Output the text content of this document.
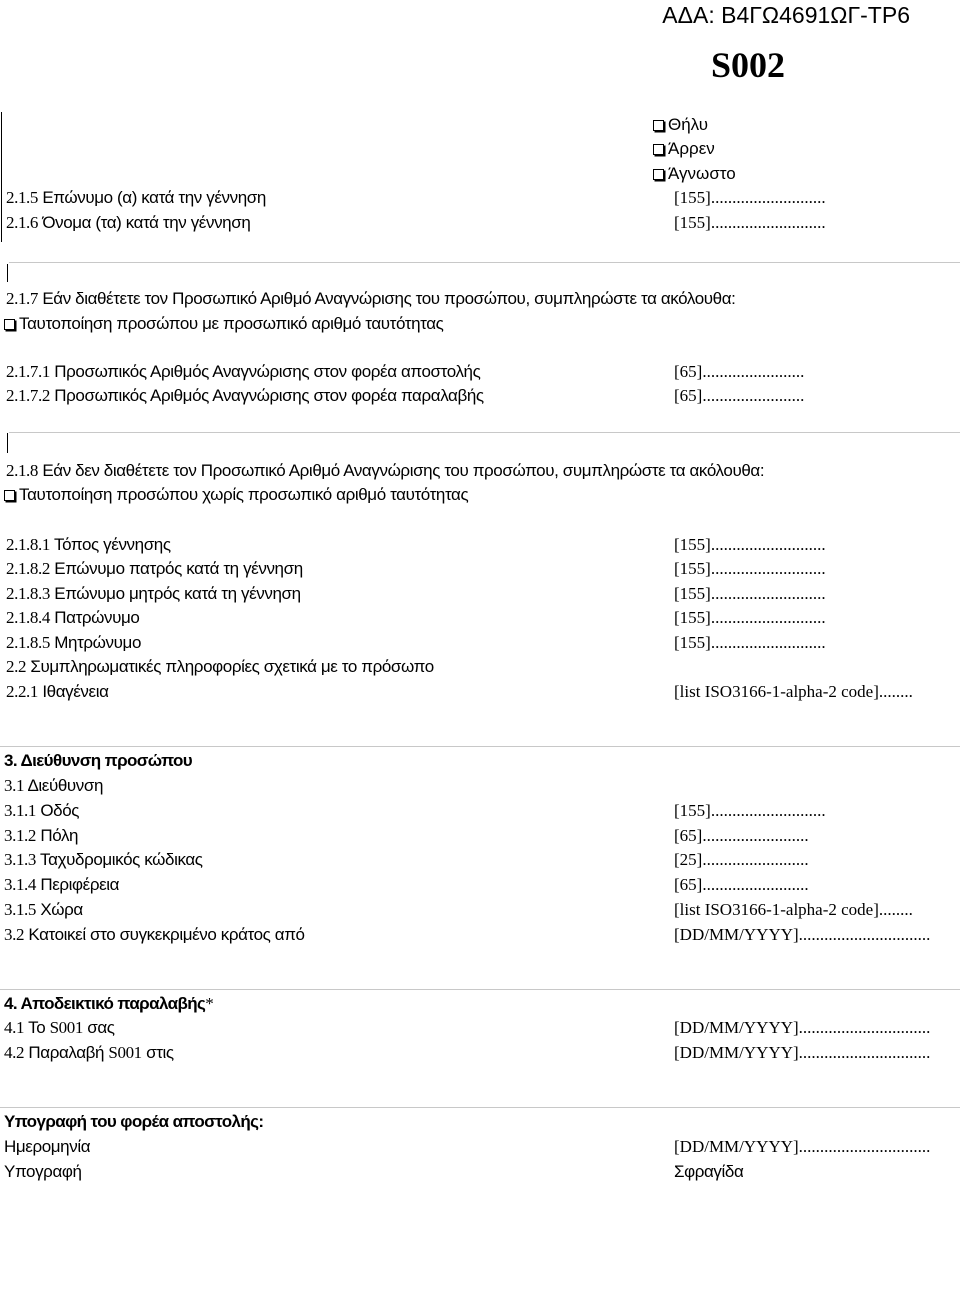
ΑΔΑ: Β4ΓΩ4691ΩΓ-ΤΡ6
S002
Θήλυ
Άρρεν
Άγνωστο
2.1.5 Επώνυμο (α) κατά την γέννηση	[155]...........................
2.1.6 Όνομα (τα) κατά την γέννηση	[155]...........................
2.1.7 Εάν διαθέτετε τον Προσωπικό Αριθμό Αναγνώρισης του προσώπου, συμπληρώστε τα ακόλουθα:
Ταυτοποίηση προσώπου με προσωπικό αριθμό ταυτότητας
2.1.7.1 Προσωπικός Αριθμός Αναγνώρισης στον φορέα αποστολής	[65]........................
2.1.7.2 Προσωπικός Αριθμός Αναγνώρισης στον φορέα παραλαβής	[65]........................
2.1.8 Εάν δεν διαθέτετε τον Προσωπικό Αριθμό Αναγνώρισης του προσώπου, συμπληρώστε τα ακόλουθα:
Ταυτοποίηση προσώπου χωρίς προσωπικό αριθμό ταυτότητας
2.1.8.1 Τόπος γέννησης	[155]...........................
2.1.8.2 Επώνυμο πατρός κατά τη γέννηση	[155]...........................
2.1.8.3 Επώνυμο μητρός κατά τη γέννηση	[155]...........................
2.1.8.4 Πατρώνυμο	[155]...........................
2.1.8.5 Μητρώνυμο	[155]...........................
2.2 Συμπληρωματικές πληροφορίες σχετικά με το πρόσωπο
2.2.1 Ιθαγένεια	[list ISO3166-1-alpha-2 code]........
3. Διεύθυνση προσώπου
3.1 Διεύθυνση
3.1.1 Οδός	[155]...........................
3.1.2 Πόλη	[65].........................
3.1.3 Ταχυδρομικός κώδικας	[25].........................
3.1.4 Περιφέρεια	[65].........................
3.1.5 Χώρα	[list ISO3166-1-alpha-2 code]........
3.2 Κατοικεί στο συγκεκριμένο κράτος από	[DD/MM/YYYY]...............................
4. Αποδεικτικό παραλαβής*
4.1 Το S001 σας	[DD/MM/YYYY]...............................
4.2 Παραλαβή S001 στις	[DD/MM/YYYY]...............................
Υπογραφή του φορέα αποστολής:
Ημερομηνία	[DD/MM/YYYY]...............................
Υπογραφή	Σφραγίδα
